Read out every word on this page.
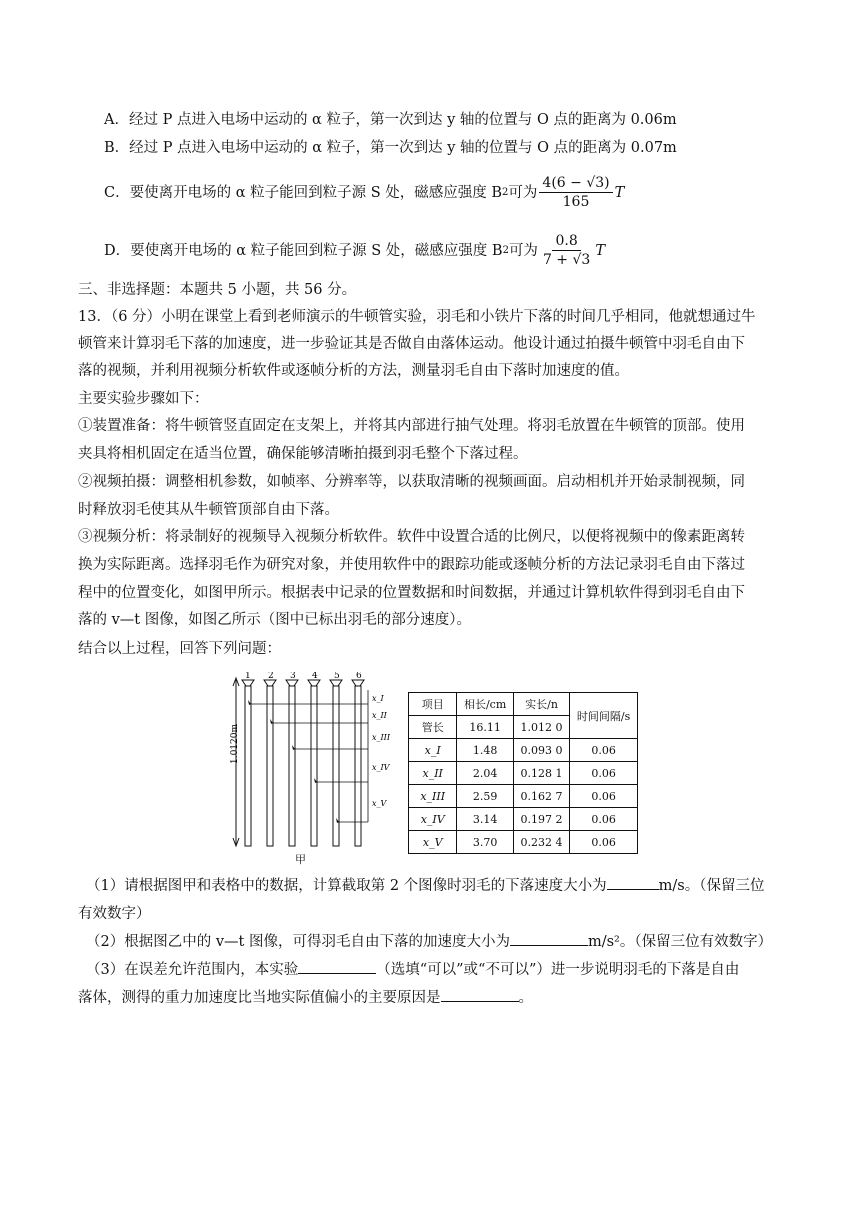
A．经过 P 点进入电场中运动的 α 粒子，第一次到达 y 轴的位置与 O 点的距离为 0.06m
B．经过 P 点进入电场中运动的 α 粒子，第一次到达 y 轴的位置与 O 点的距离为 0.07m
C．要使离开电场的 α 粒子能回到粒子源 S 处，磁感应强度 B 2 可为 $\frac{4(6 - √3)}{165}$ T
D．要使离开电场的 α 粒子能回到粒子源 S 处，磁感应强度 B 2 可为 $\frac{0.8}{7 + √3}$ T
三、非选择题：本题共 5 小题，共 56 分。
13．（6 分）小明在课堂上看到老师演示的牛顿管实验，羽毛和小铁片下落的时间几乎相同，他就想通过牛
顿管来计算羽毛下落的加速度，进一步验证其是否做自由落体运动。他设计通过拍摄牛顿管中羽毛自由下
落的视频，并利用视频分析软件或逐帧分析的方法，测量羽毛自由下落时加速度的值。
主要实验步骤如下：
①装置准备：将牛顿管竖直固定在支架上，并将其内部进行抽气处理。将羽毛放置在牛顿管的顶部。使用
夹具将相机固定在适当位置，确保能够清晰拍摄到羽毛整个下落过程。
②视频拍摄：调整相机参数，如帧率、分辨率等，以获取清晰的视频画面。启动相机并开始录制视频，同
时释放羽毛使其从牛顿管顶部自由下落。
③视频分析：将录制好的视频导入视频分析软件。软件中设置合适的比例尺，以便将视频中的像素距离转
换为实际距离。选择羽毛作为研究对象，并使用软件中的跟踪功能或逐帧分析的方法记录羽毛自由下落过
程中的位置变化，如图甲所示。根据表中记录的位置数据和时间数据，并通过计算机软件得到羽毛自由下
落的 v—t 图像，如图乙所示（图中已标出羽毛的部分速度）。
结合以上过程，回答下列问题：
1.0120m
1 2 3 4 5 6
x_I
x_II
x_III
x_IV
x_V
项目	相长/cm	实长/n	时间间隔/s
管长	16.11	1.012 0	
x_I	1.48	0.093 0	0.06
x_II	2.04	0.128 1	0.06
x_III	2.59	0.162 7	0.06
x_IV	3.14	0.197 2	0.06
x_V	3.70	0.232 4	0.06
甲
（1）请根据图甲和表格中的数据，计算截取第 2 个图像时羽毛的下落速度大小为	m/s。（保留三位
有效数字）
（2）根据图乙中的 v—t 图像，可得羽毛自由下落的加速度大小为	m/s²。（保留三位有效数字）
（3）在误差允许范围内，本实验	（选填“可以”或“不可以”）进一步说明羽毛的下落是自由
落体，测得的重力加速度比当地实际值偏小的主要原因是	。
